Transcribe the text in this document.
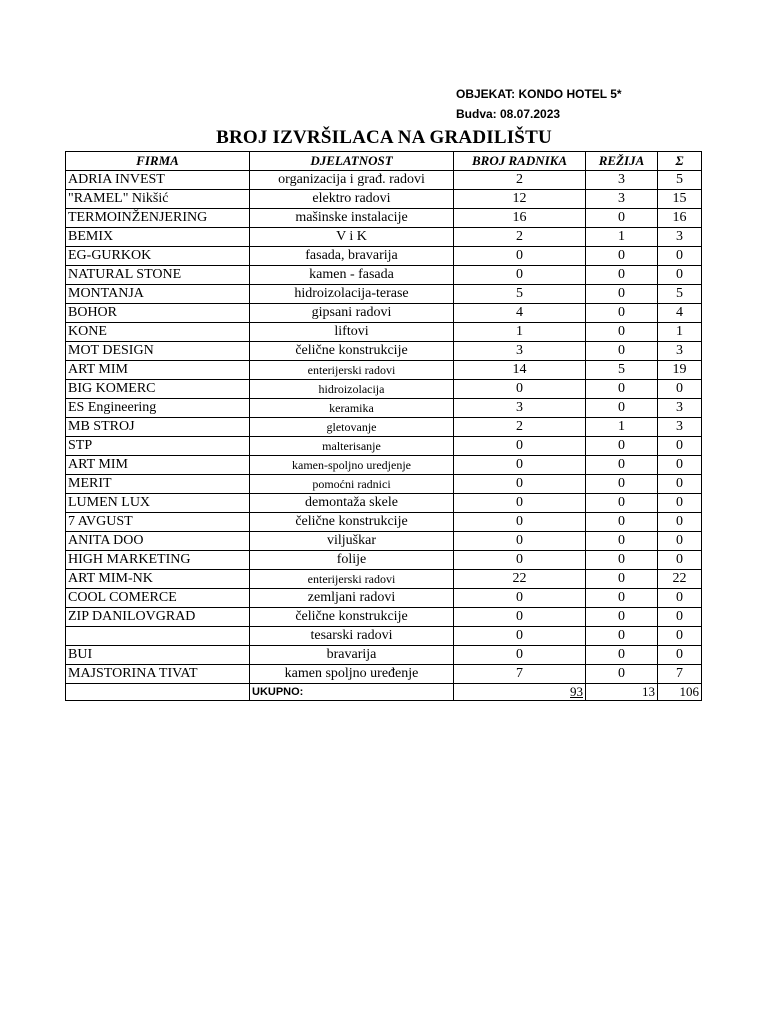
OBJEKAT: KONDO HOTEL 5*
Budva: 08.07.2023
BROJ IZVRŠILACA NA GRADILIŠTU
FIRMA	DJELATNOST	BROJ RADNIKA	REŽIJA	Σ
ADRIA INVEST	organizacija i građ. radovi	2	3	5
"RAMEL" Nikšić	elektro radovi	12	3	15
TERMOINŽENJERING	mašinske instalacije	16	0	16
BEMIX	V i K	2	1	3
EG-GURKOK	fasada, bravarija	0	0	0
NATURAL STONE	kamen - fasada	0	0	0
MONTANJA	hidroizolacija-terase	5	0	5
BOHOR	gipsani radovi	4	0	4
KONE	liftovi	1	0	1
MOT DESIGN	čelične konstrukcije	3	0	3
ART MIM	enterijerski radovi	14	5	19
BIG KOMERC	hidroizolacija	0	0	0
ES Engineering	keramika	3	0	3
MB STROJ	gletovanje	2	1	3
STP	malterisanje	0	0	0
ART MIM	kamen-spoljno uredjenje	0	0	0
MERIT	pomoćni radnici	0	0	0
LUMEN LUX	demontaža skele	0	0	0
7 AVGUST	čelične konstrukcije	0	0	0
ANITA DOO	viljuškar	0	0	0
HIGH MARKETING	folije	0	0	0
ART MIM-NK	enterijerski radovi	22	0	22
COOL COMERCE	zemljani radovi	0	0	0
ZIP DANILOVGRAD	čelične konstrukcije	0	0	0
	tesarski radovi	0	0	0
BUI	bravarija	0	0	0
MAJSTORINA TIVAT	kamen spoljno uređenje	7	0	7
	UKUPNO:	93	13	106
